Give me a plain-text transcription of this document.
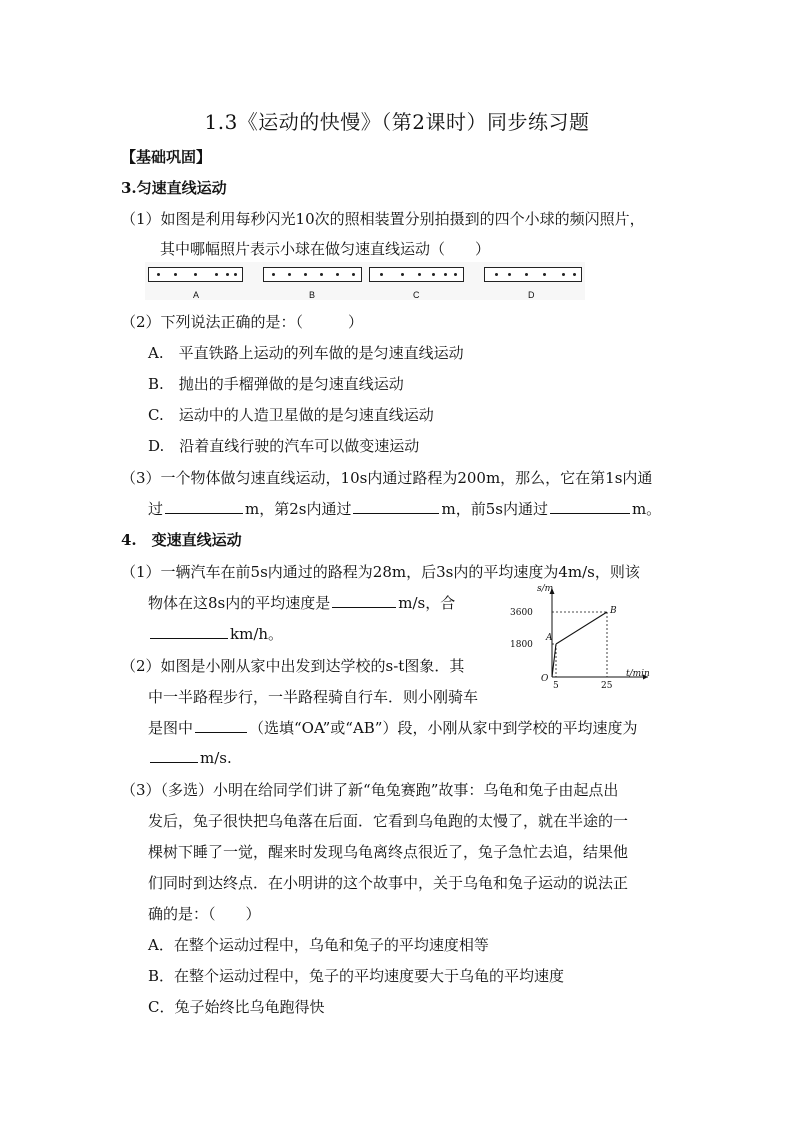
1.3《运动的快慢》（第2课时）同步练习题
【基础巩固】
3.匀速直线运动
（1）如图是利用每秒闪光10次的照相装置分别拍摄到的四个小球的频闪照片，
其中哪幅照片表示小球在做匀速直线运动（　　）
A	B	C	D
（2）下列说法正确的是：（　　　）
A.　平直铁路上运动的列车做的是匀速直线运动
B.　抛出的手榴弹做的是匀速直线运动
C.　运动中的人造卫星做的是匀速直线运动
D.　沿着直线行驶的汽车可以做变速运动
（3）一个物体做匀速直线运动，10s内通过路程为200m，那么，它在第1s内通
过	m，第2s内通过	m，前5s内通过	m。
4.　变速直线运动
（1）一辆汽车在前5s内通过的路程为28m，后3s内的平均速度为4m/s，则该
物体在这8s内的平均速度是	m/s，合
km/h。
s/m
3600
1800
O
5	25
t/min
A
B
（2）如图是小刚从家中出发到达学校的s-t图象．其
中一半路程步行，一半路程骑自行车．则小刚骑车
是图中	（选填“OA”或“AB”）段，小刚从家中到学校的平均速度为
m/s.
（3）（多选）小明在给同学们讲了新“龟兔赛跑”故事：乌龟和兔子由起点出
发后，兔子很快把乌龟落在后面．它看到乌龟跑的太慢了，就在半途的一
棵树下睡了一觉，醒来时发现乌龟离终点很近了，兔子急忙去追，结果他
们同时到达终点．在小明讲的这个故事中，关于乌龟和兔子运动的说法正
确的是：（　　）
A．在整个运动过程中，乌龟和兔子的平均速度相等
B．在整个运动过程中，兔子的平均速度要大于乌龟的平均速度
C．兔子始终比乌龟跑得快
